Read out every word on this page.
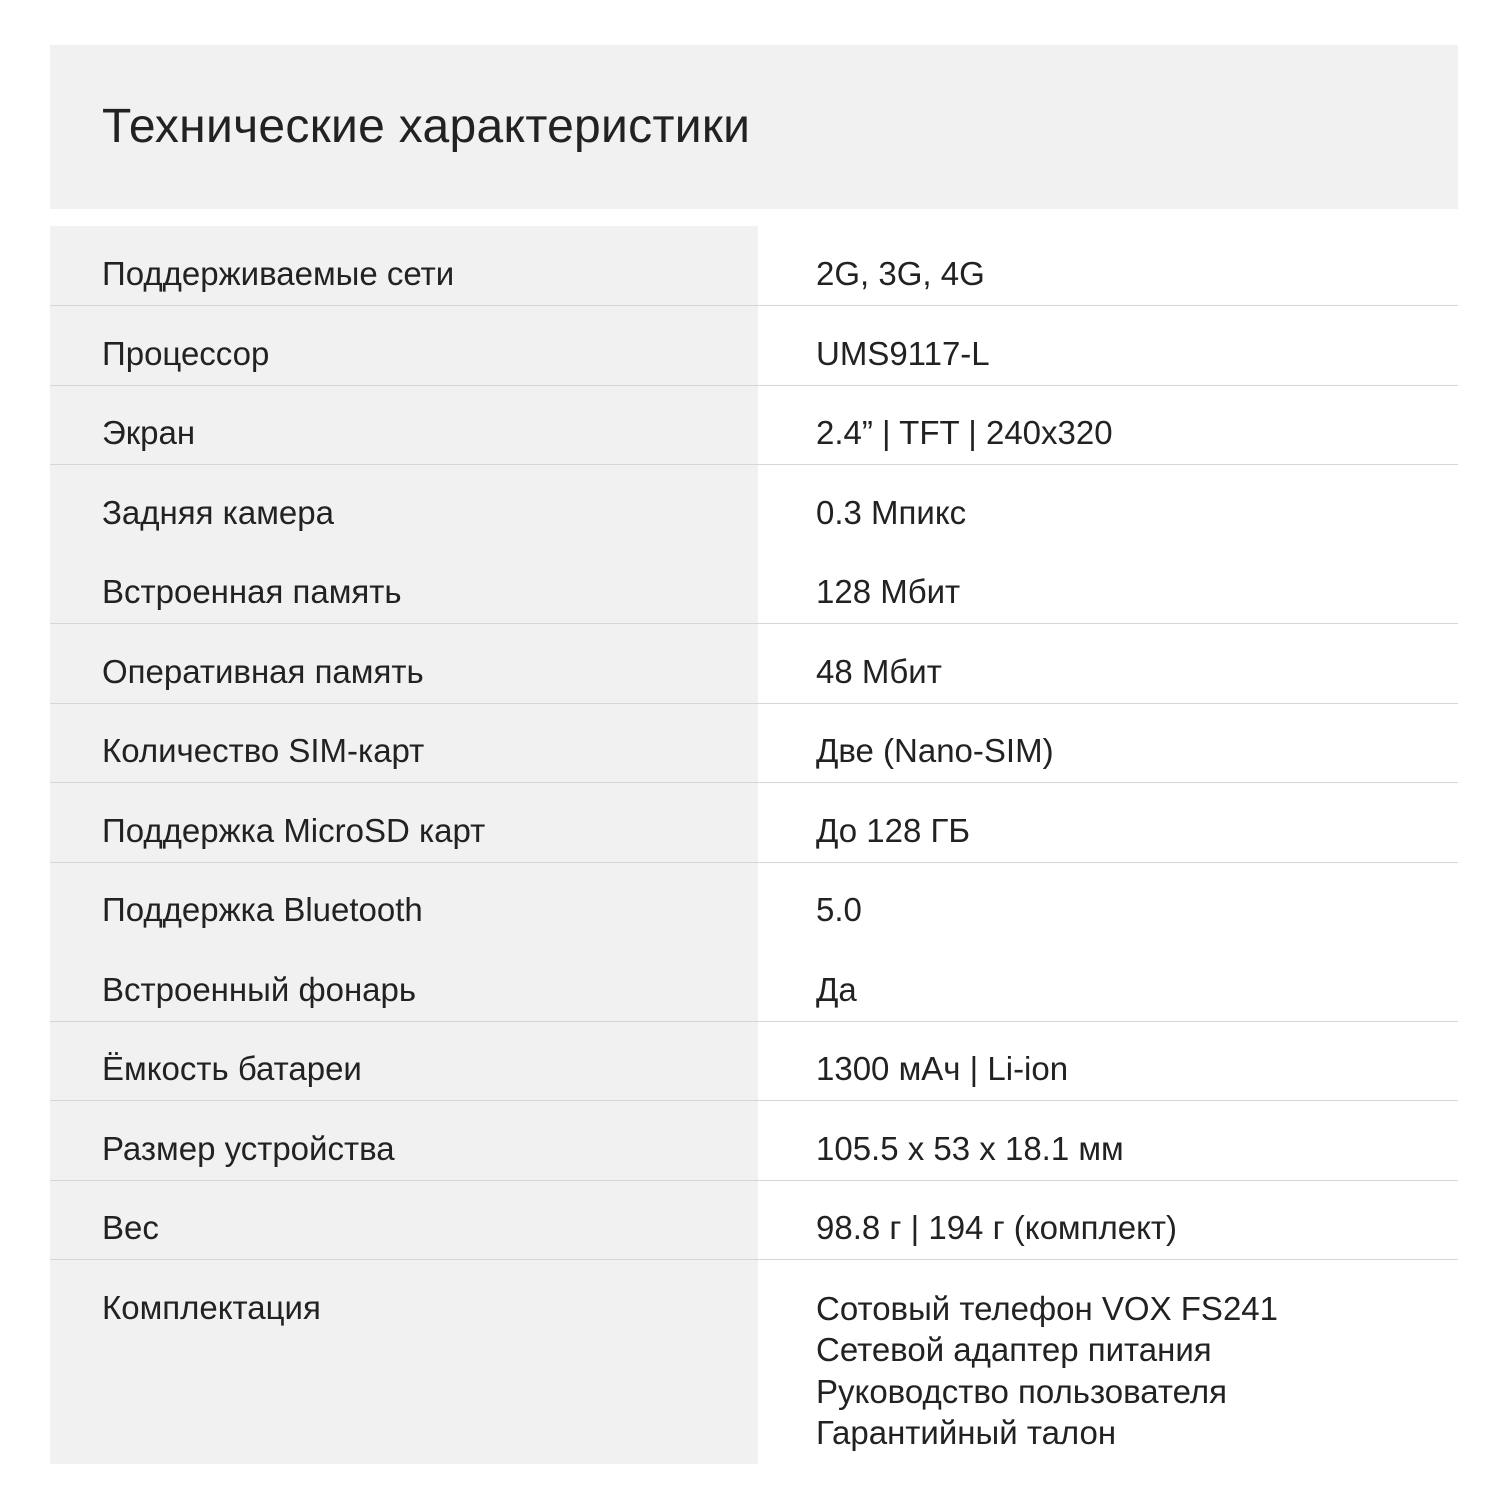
Технические характеристики
Поддерживаемые сети	2G, 3G, 4G
Процессор	UMS9117-L
Экран	2.4” | TFT | 240x320
Задняя камера	0.3 Мпикс
Встроенная память	128 Мбит
Оперативная память	48 Мбит
Количество SIM-карт	Две (Nano-SIM)
Поддержка MicroSD карт	До 128 ГБ
Поддержка Bluetooth	5.0
Встроенный фонарь	Да
Ёмкость батареи	1300 мАч | Li-ion
Размер устройства	105.5 х 53 х 18.1 мм
Вес	98.8 г | 194 г (комплект)
Комплектация	Сотовый телефон VOX FS241
Сетевой адаптер питания
Руководство пользователя
Гарантийный талон
